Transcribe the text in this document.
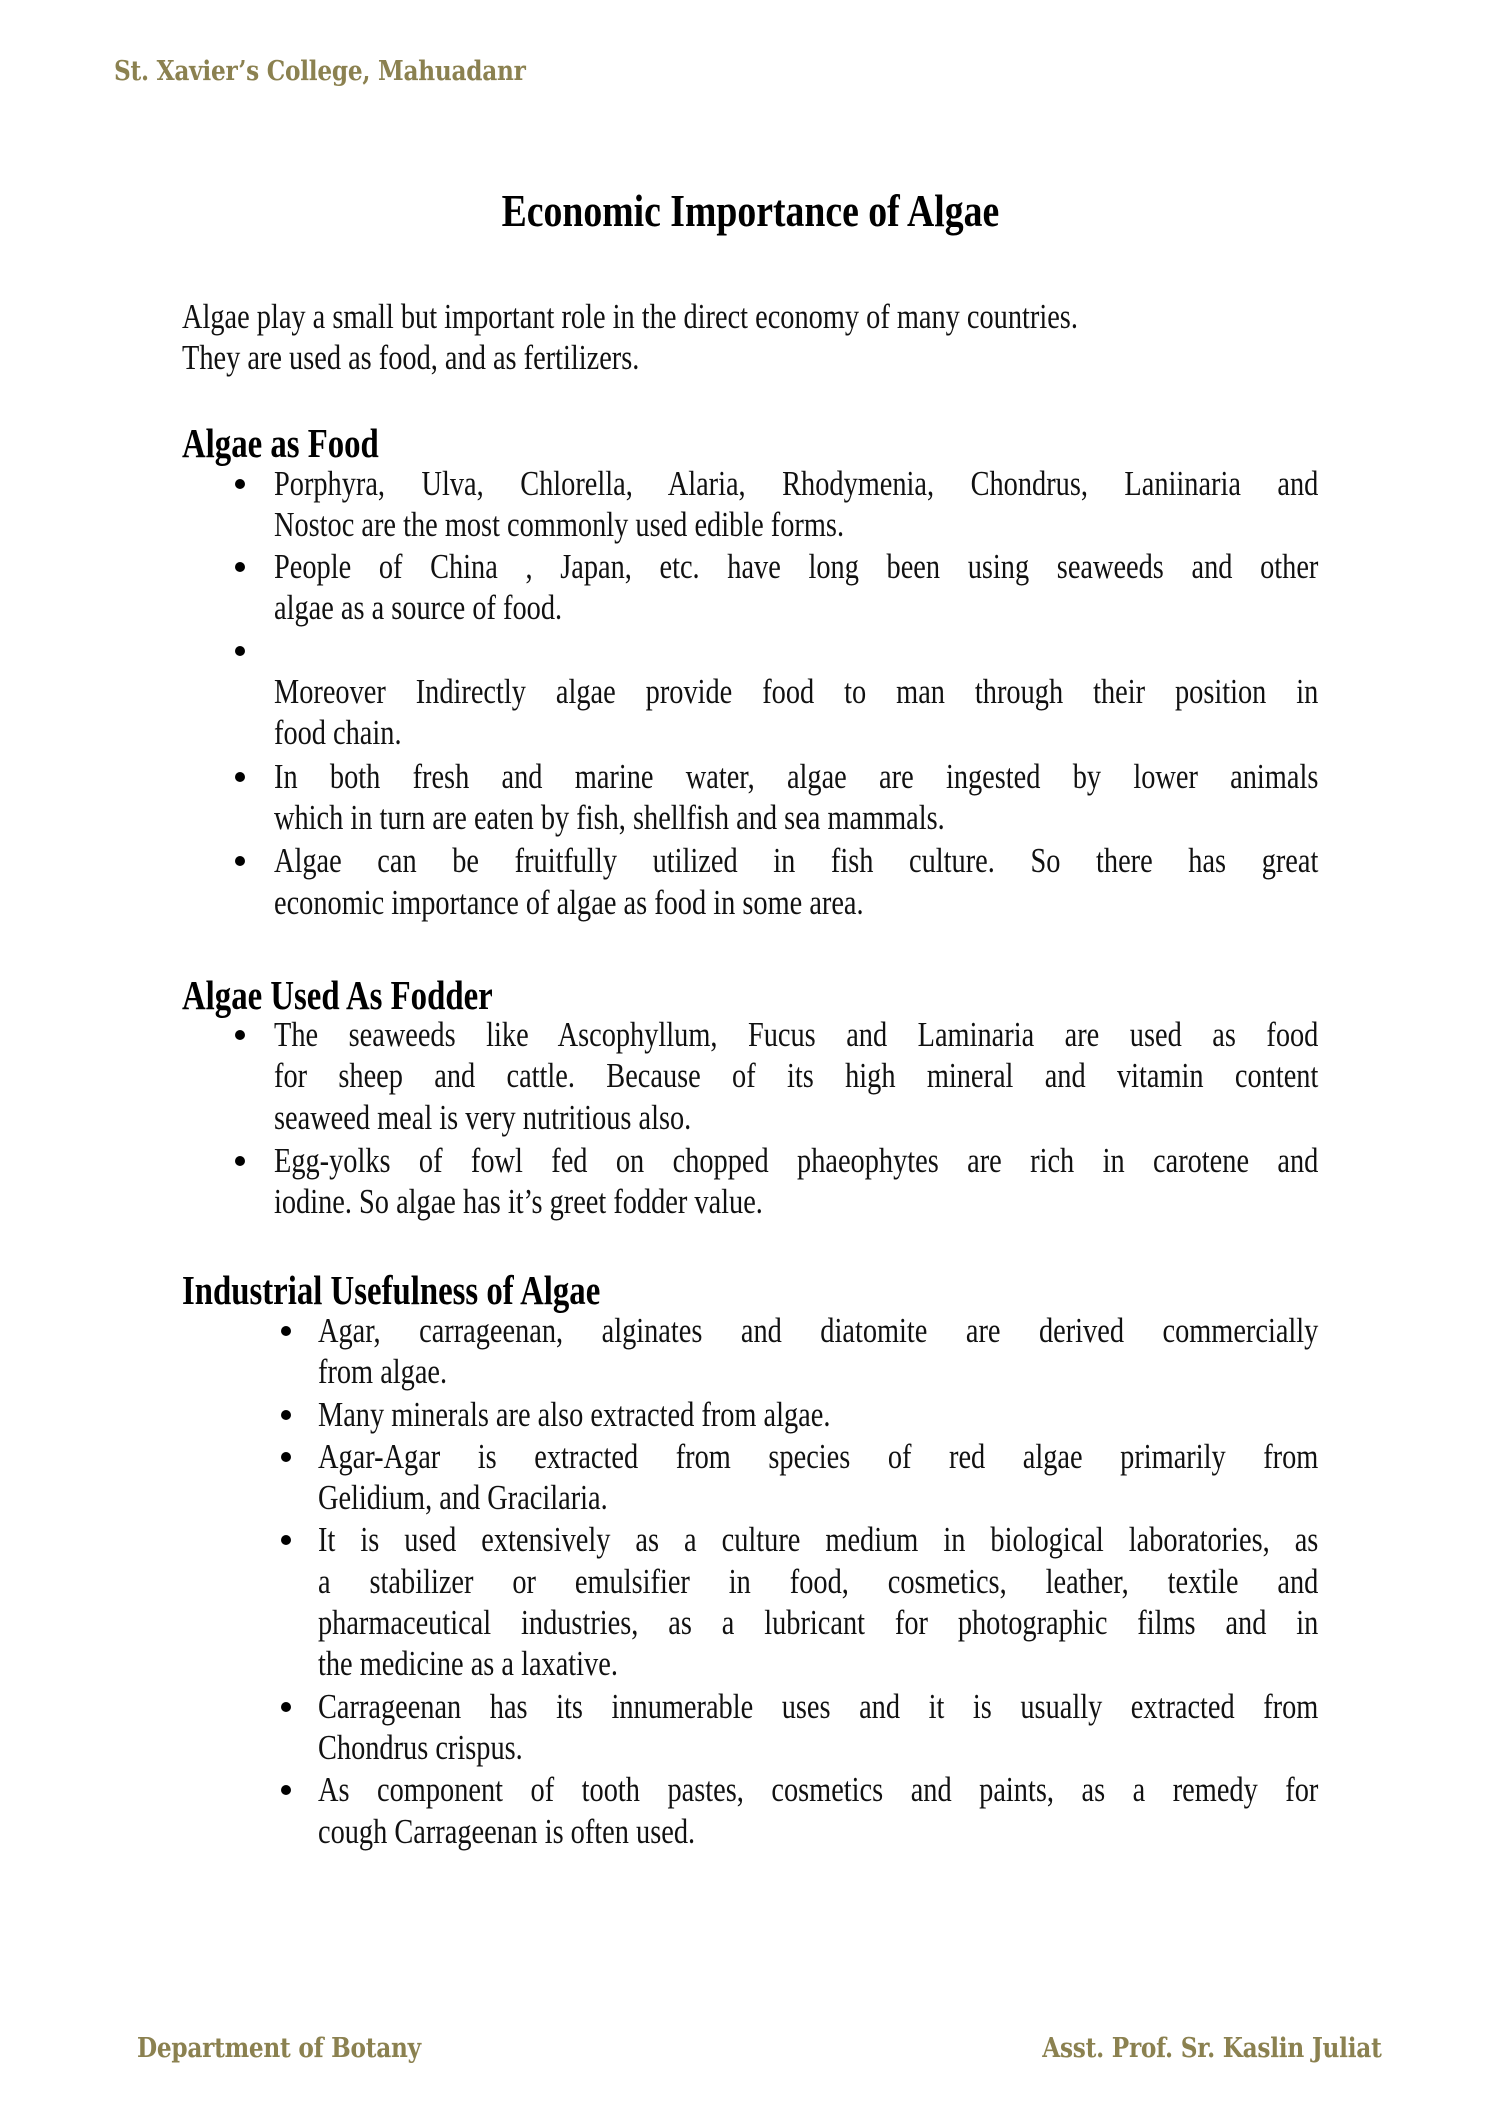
St. Xavier’s College, Mahuadanr
Economic Importance of Algae
Algae play a small but important role in the direct economy of many countries.
They are used as food, and as fertilizers.
Algae as Food
Porphyra, Ulva, Chlorella, Alaria, Rhodymenia, Chondrus, Laniinaria and
Nostoc are the most commonly used edible forms.
People of China , Japan, etc. have long been using seaweeds and other
algae as a source of food.
Moreover Indirectly algae provide food to man through their position in
food chain.
In both fresh and marine water, algae are ingested by lower animals
which in turn are eaten by fish, shellfish and sea mammals.
Algae can be fruitfully utilized in fish culture. So there has great
economic importance of algae as food in some area.
Algae Used As Fodder
The seaweeds like Ascophyllum, Fucus and Laminaria are used as food
for sheep and cattle. Because of its high mineral and vitamin content
seaweed meal is very nutritious also.
Egg-yolks of fowl fed on chopped phaeophytes are rich in carotene and
iodine. So algae has it’s greet fodder value.
Industrial Usefulness of Algae
Agar, carrageenan, alginates and diatomite are derived commercially
from algae.
Many minerals are also extracted from algae.
Agar-Agar is extracted from species of red algae primarily from
Gelidium, and Gracilaria.
It is used extensively as a culture medium in biological laboratories, as
a stabilizer or emulsifier in food, cosmetics, leather, textile and
pharmaceutical industries, as a lubricant for photographic films and in
the medicine as a laxative.
Carrageenan has its innumerable uses and it is usually extracted from
Chondrus crispus.
As component of tooth pastes, cosmetics and paints, as a remedy for
cough Carrageenan is often used.
Department of Botany	Asst. Prof. Sr. Kaslin Juliat
